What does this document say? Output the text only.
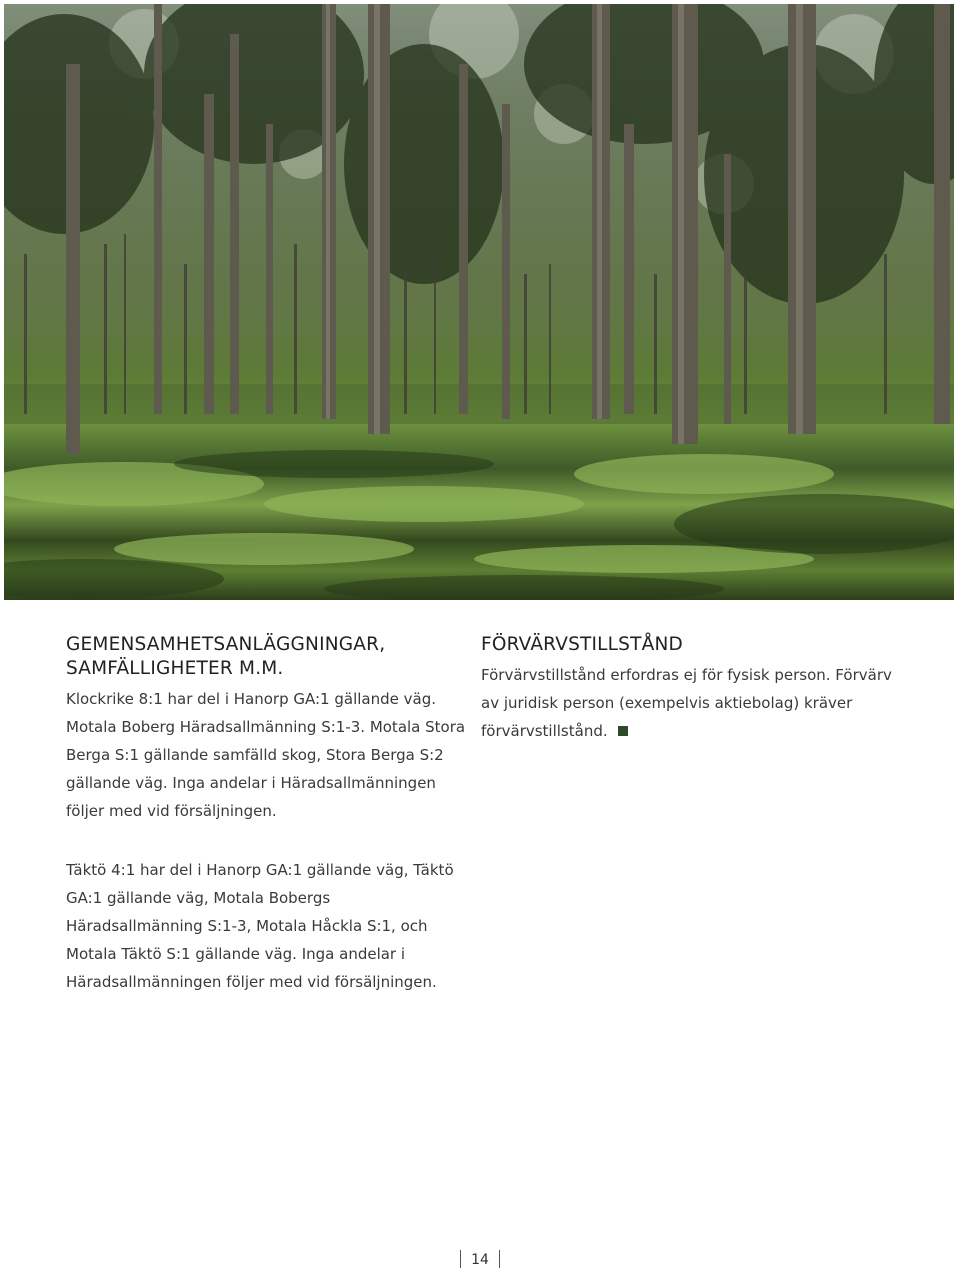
GEMENSAMHETSANLÄGGNINGAR,
SAMFÄLLIGHETER M.M.

Klockrike 8:1 har del i Hanorp GA:1 gällande väg. Motala Boberg Häradsallmänning S:1-3. Motala Stora Berga S:1 gällande samfälld skog, Stora Berga S:2 gällande väg. Inga andelar i Häradsallmänningen följer med vid försäljningen.

FÖRVÄRVSTILLSTÅND

Förvärvstillstånd erfordras ej för fysisk person. Förvärv av juridisk person (exempelvis aktiebolag) kräver förvärvstillstånd.

Täktö 4:1 har del i Hanorp GA:1 gällande väg, Täktö GA:1 gällande väg, Motala Bobergs Häradsallmänning S:1-3, Motala Håckla S:1, och Motala Täktö S:1 gällande väg. Inga andelar i Häradsallmänningen följer med vid försäljningen.

14
